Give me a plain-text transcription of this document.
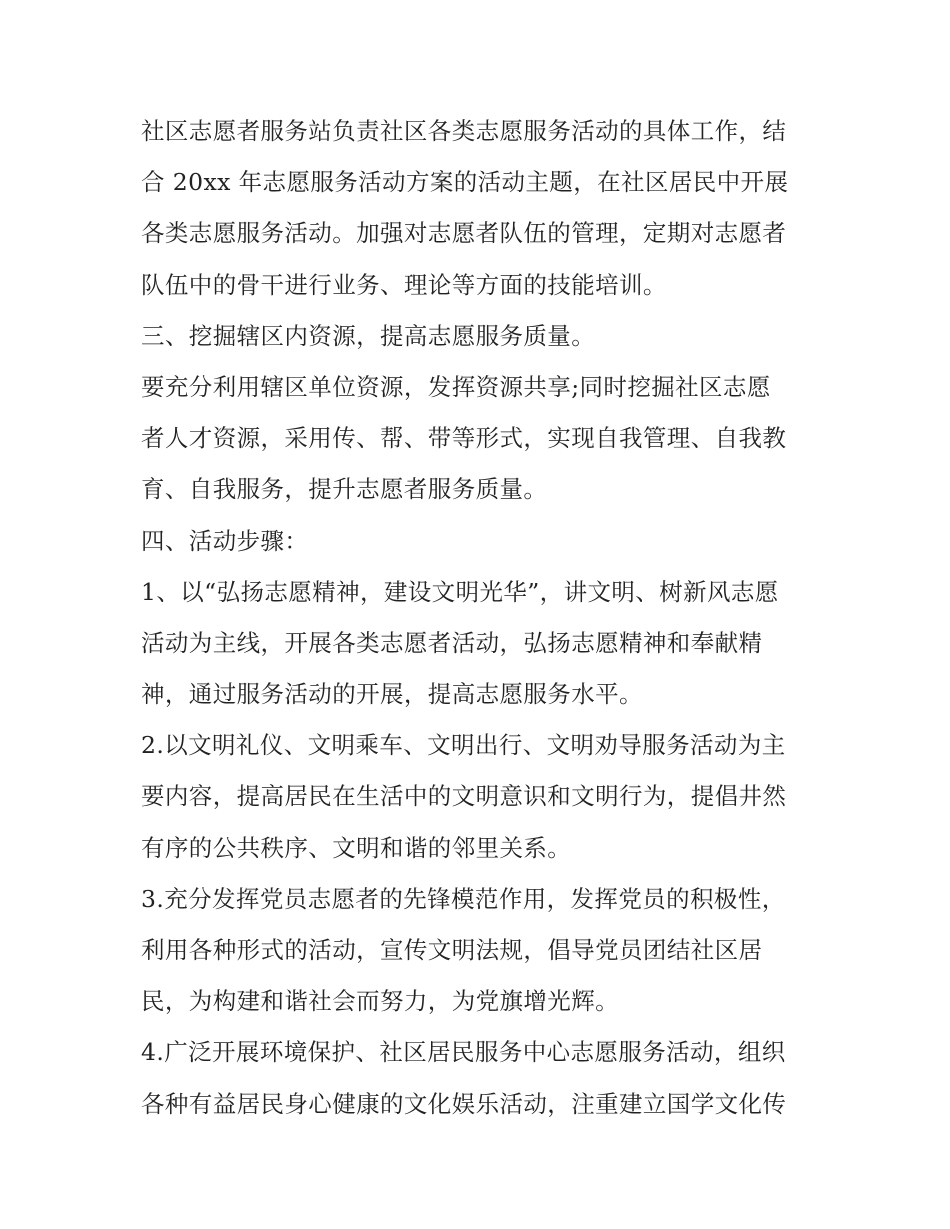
社区志愿者服务站负责社区各类志愿服务活动的具体工作，结
合 20xx 年志愿服务活动方案的活动主题，在社区居民中开展
各类志愿服务活动。加强对志愿者队伍的管理，定期对志愿者
队伍中的骨干进行业务、理论等方面的技能培训。
三、挖掘辖区内资源，提高志愿服务质量。
要充分利用辖区单位资源，发挥资源共享;同时挖掘社区志愿
者人才资源，采用传、帮、带等形式，实现自我管理、自我教
育、自我服务，提升志愿者服务质量。
四、活动步骤：
1、以“弘扬志愿精神，建设文明光华”，讲文明、树新风志愿
活动为主线，开展各类志愿者活动，弘扬志愿精神和奉献精
神，通过服务活动的开展，提高志愿服务水平。
2.以文明礼仪、文明乘车、文明出行、文明劝导服务活动为主
要内容，提高居民在生活中的文明意识和文明行为，提倡井然
有序的公共秩序、文明和谐的邻里关系。
3.充分发挥党员志愿者的先锋模范作用，发挥党员的积极性，
利用各种形式的活动，宣传文明法规，倡导党员团结社区居
民，为构建和谐社会而努力，为党旗增光辉。
4.广泛开展环境保护、社区居民服务中心志愿服务活动，组织
各种有益居民身心健康的文化娱乐活动，注重建立国学文化传
